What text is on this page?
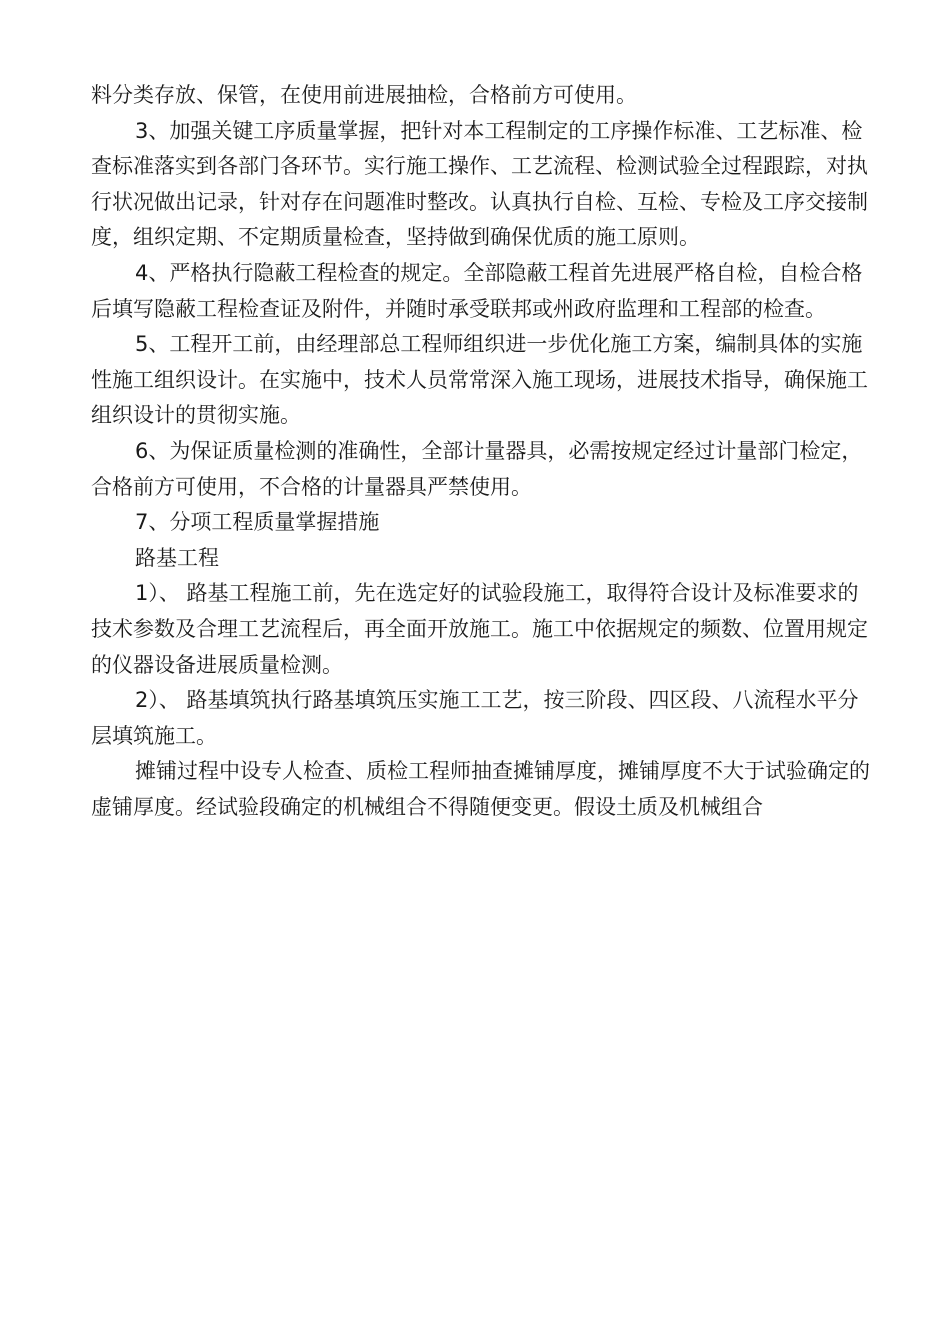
料分类存放、保管，在使用前进展抽检，合格前方可使用。

3、加强关键工序质量掌握，把针对本工程制定的工序操作标准、工艺标准、检查标准落实到各部门各环节。实行施工操作、工艺流程、检测试验全过程跟踪，对执行状况做出记录，针对存在问题准时整改。认真执行自检、互检、专检及工序交接制度，组织定期、不定期质量检查，坚持做到确保优质的施工原则。

4、严格执行隐蔽工程检查的规定。全部隐蔽工程首先进展严格自检，自检合格后填写隐蔽工程检查证及附件，并随时承受联邦或州政府监理和工程部的检查。

5、工程开工前，由经理部总工程师组织进一步优化施工方案，编制具体的实施性施工组织设计。在实施中，技术人员常常深入施工现场，进展技术指导，确保施工组织设计的贯彻实施。

6、为保证质量检测的准确性，全部计量器具，必需按规定经过计量部门检定，合格前方可使用，不合格的计量器具严禁使用。

7、分项工程质量掌握措施

路基工程

1）、 路基工程施工前，先在选定好的试验段施工，取得符合设计及标准要求的技术参数及合理工艺流程后，再全面开放施工。施工中依据规定的频数、位置用规定的仪器设备进展质量检测。

2）、 路基填筑执行路基填筑压实施工工艺，按三阶段、四区段、八流程水平分层填筑施工。

摊铺过程中设专人检查、质检工程师抽查摊铺厚度，摊铺厚度不大于试验确定的虚铺厚度。经试验段确定的机械组合不得随便变更。假设土质及机械组合
